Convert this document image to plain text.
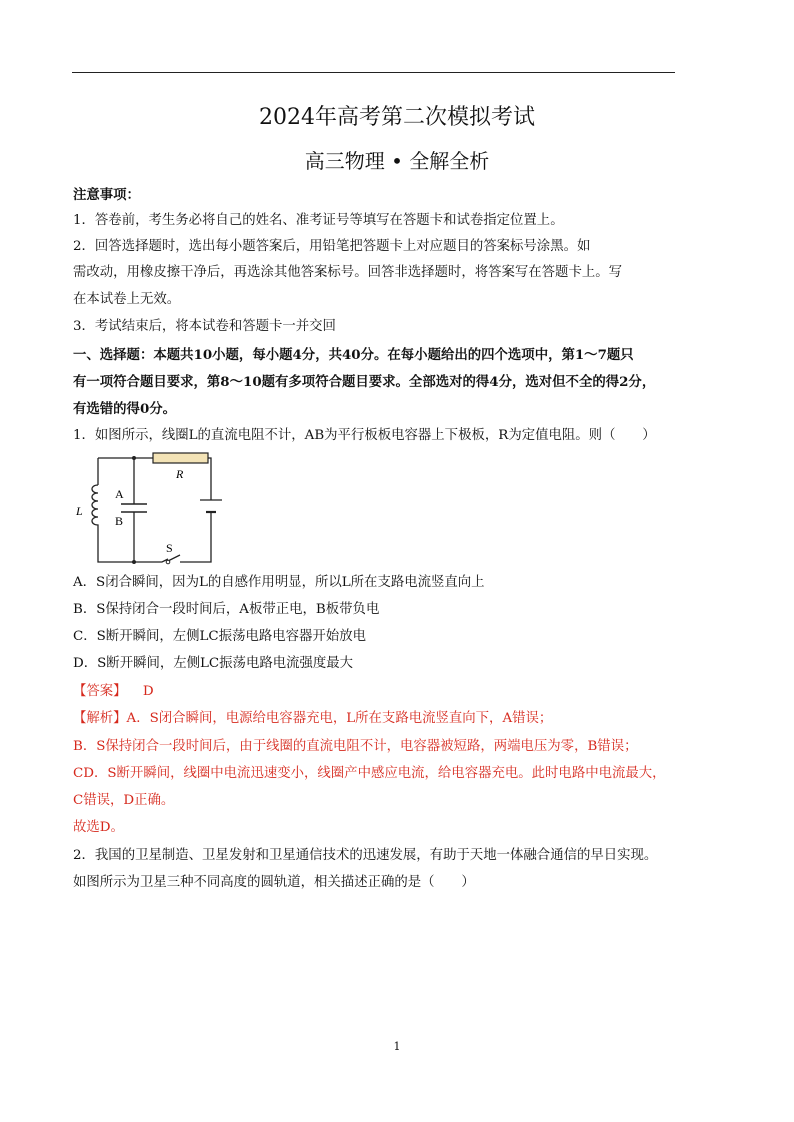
2024年高考第二次模拟考试
高三物理 • 全解全析
注意事项：
1．答卷前，考生务必将自己的姓名、准考证号等填写在答题卡和试卷指定位置上。
2．回答选择题时，选出每小题答案后，用铅笔把答题卡上对应题目的答案标号涂黑。如
需改动，用橡皮擦干净后，再选涂其他答案标号。回答非选择题时，将答案写在答题卡上。写
在本试卷上无效。
3．考试结束后，将本试卷和答题卡一并交回
一、选择题：本题共10小题，每小题4分，共40分。在每小题给出的四个选项中，第1～7题只
有一项符合题目要求，第8～10题有多项符合题目要求。全部选对的得4分，选对但不全的得2分，
有选错的得0分。
1．如图所示，线圈L的直流电阻不计，AB为平行板板电容器上下极板，R为定值电阻。则（　　）
R
L
A
B
S
A．S闭合瞬间，因为L的自感作用明显，所以L所在支路电流竖直向上
B．S保持闭合一段时间后，A板带正电，B板带负电
C．S断开瞬间，左侧LC振荡电路电容器开始放电
D．S断开瞬间，左侧LC振荡电路电流强度最大
【答案】 D
【解析】A．S闭合瞬间，电源给电容器充电，L所在支路电流竖直向下，A错误；
B．S保持闭合一段时间后，由于线圈的直流电阻不计，电容器被短路，两端电压为零，B错误；
CD．S断开瞬间，线圈中电流迅速变小，线圈产中感应电流，给电容器充电。此时电路中电流最大，
C错误，D正确。
故选D。
2．我国的卫星制造、卫星发射和卫星通信技术的迅速发展，有助于天地一体融合通信的早日实现。
如图所示为卫星三种不同高度的圆轨道，相关描述正确的是（　　）
1
